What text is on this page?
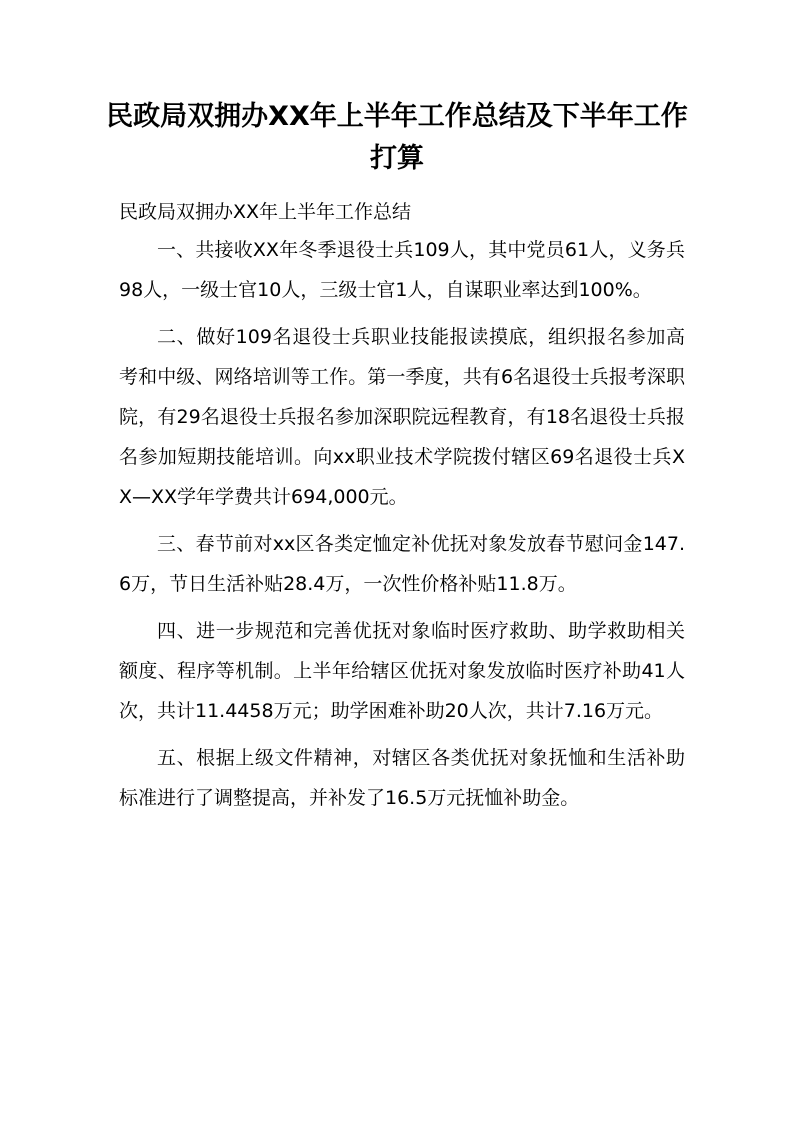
民政局双拥办XX年上半年工作总结及下半年工作打算

民政局双拥办XX年上半年工作总结

一、共接收XX年冬季退役士兵109人，其中党员61人，义务兵98人，一级士官10人，三级士官1人，自谋职业率达到100%。

二、做好109名退役士兵职业技能报读摸底，组织报名参加高考和中级、网络培训等工作。第一季度，共有6名退役士兵报考深职院，有29名退役士兵报名参加深职院远程教育，有18名退役士兵报名参加短期技能培训。向xx职业技术学院拨付辖区69名退役士兵XX—XX学年学费共计694,000元。

三、春节前对xx区各类定恤定补优抚对象发放春节慰问金147.6万，节日生活补贴28.4万，一次性价格补贴11.8万。

四、进一步规范和完善优抚对象临时医疗救助、助学救助相关额度、程序等机制。上半年给辖区优抚对象发放临时医疗补助41人次，共计11.4458万元；助学困难补助20人次，共计7.16万元。

五、根据上级文件精神，对辖区各类优抚对象抚恤和生活补助标准进行了调整提高，并补发了16.5万元抚恤补助金。
